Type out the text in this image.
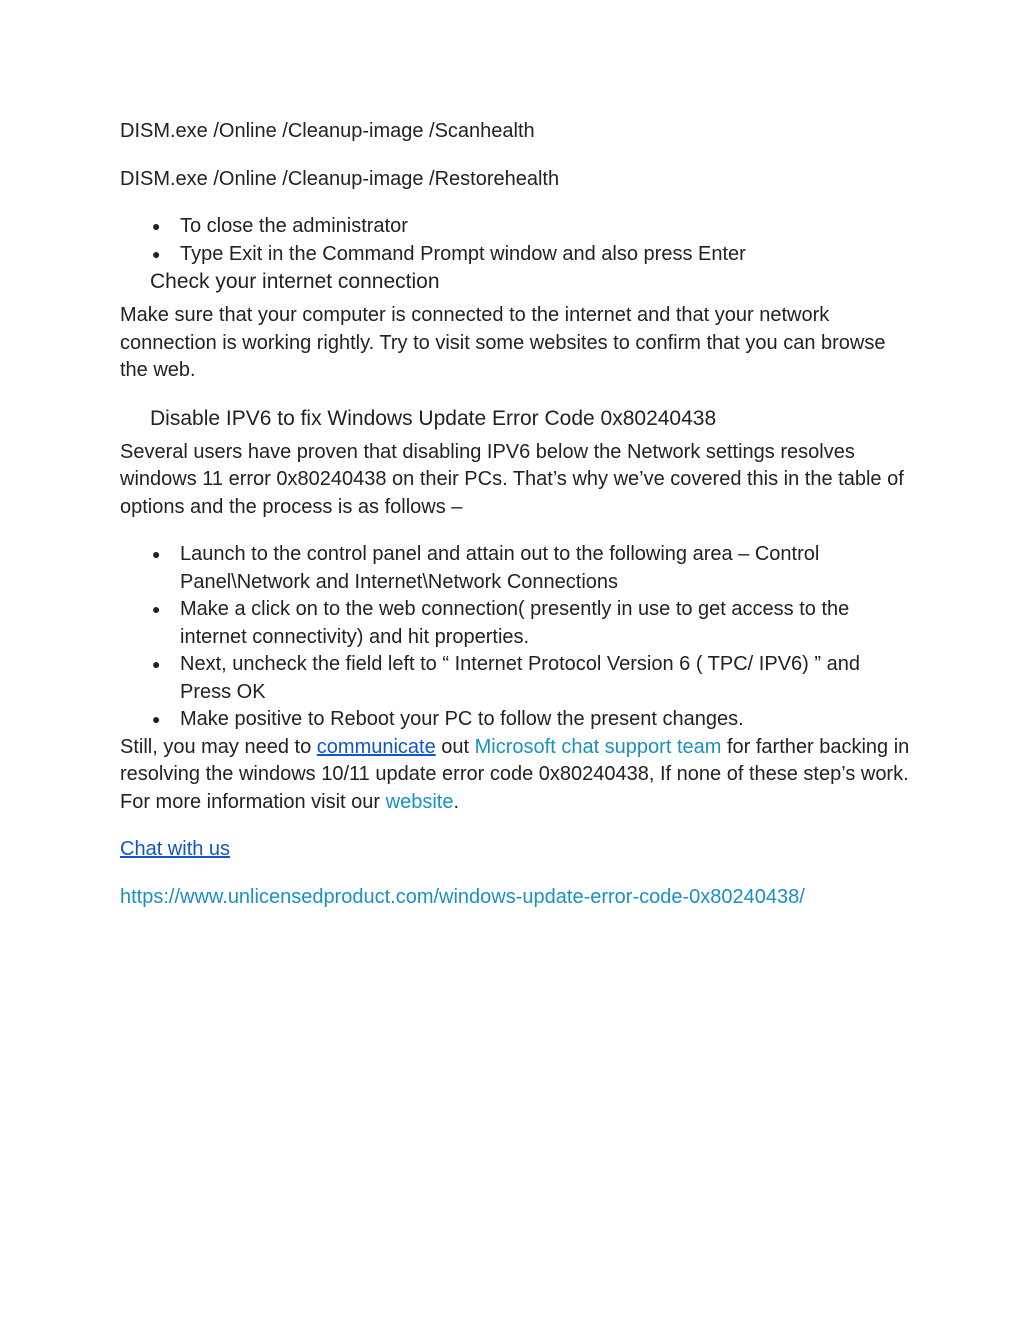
DISM.exe /Online /Cleanup-image /Scanhealth

DISM.exe /Online /Cleanup-image /Restorehealth

● To close the administrator
● Type Exit in the Command Prompt window and also press Enter

Check your internet connection

Make sure that your computer is connected to the internet and that your network connection is working rightly. Try to visit some websites to confirm that you can browse the web.

Disable IPV6 to fix Windows Update Error Code 0x80240438

Several users have proven that disabling IPV6 below the Network settings resolves windows 11 error 0x80240438 on their PCs. That’s why we’ve covered this in the table of options and the process is as follows –

● Launch to the control panel and attain out to the following area – Control Panel\Network and Internet\Network Connections
● Make a click on to the web connection( presently in use to get access to the internet connectivity) and hit properties.
● Next, uncheck the field left to “ Internet Protocol Version 6 ( TPC/ IPV6) ” and Press OK
● Make positive to Reboot your PC to follow the present changes.

Still, you may need to communicate out Microsoft chat support team for farther backing in resolving the windows 10/11 update error code 0x80240438, If none of these step’s work. For more information visit our website.

Chat with us

https://www.unlicensedproduct.com/windows-update-error-code-0x80240438/
